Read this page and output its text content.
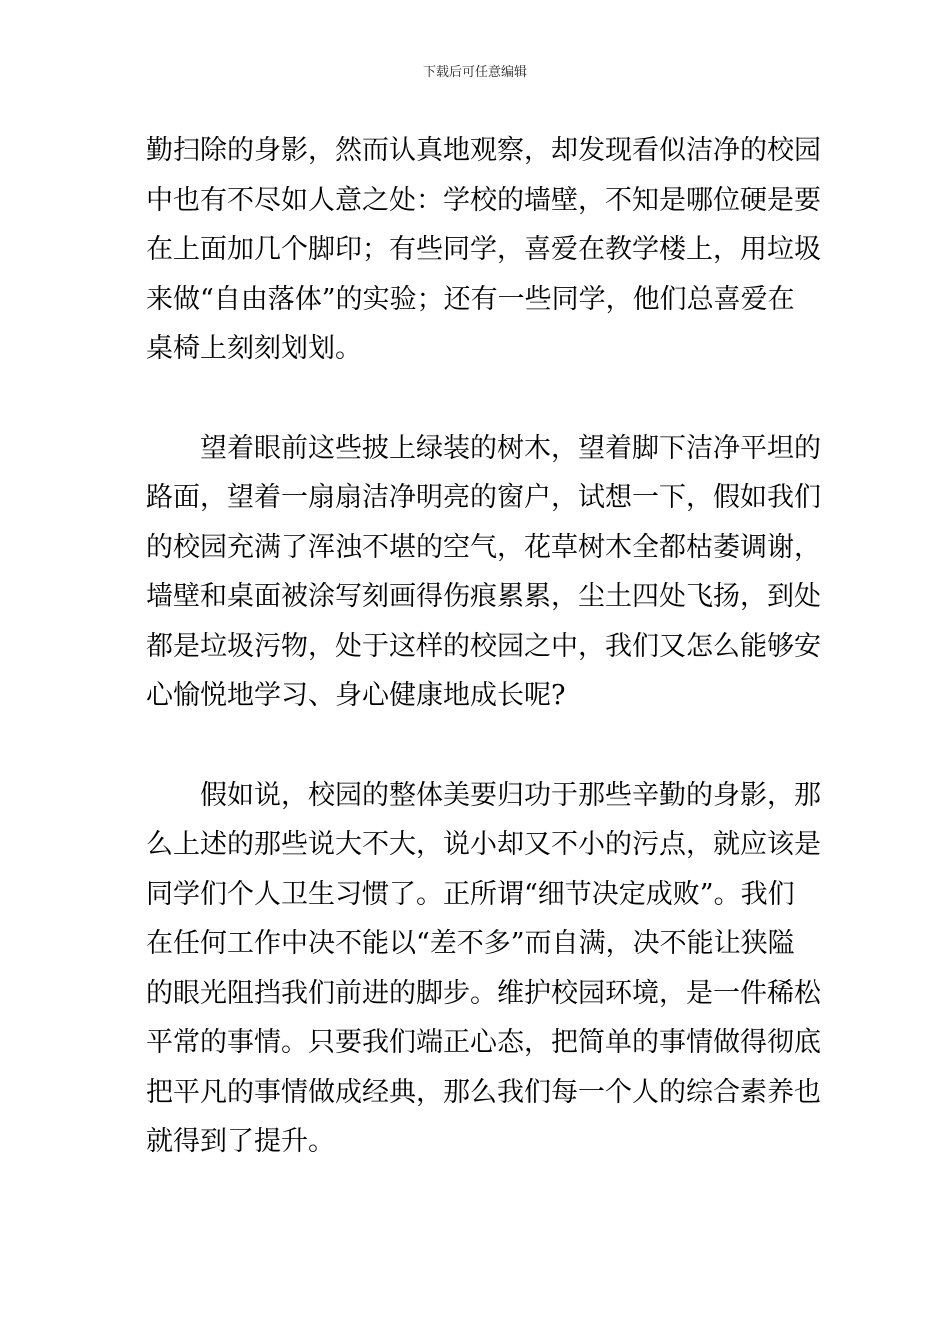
下载后可任意编辑

勤扫除的身影，然而认真地观察，却发现看似洁净的校园
中也有不尽如人意之处：学校的墙壁，不知是哪位硬是要
在上面加几个脚印；有些同学，喜爱在教学楼上，用垃圾
来做“自由落体”的实验；还有一些同学，他们总喜爱在
桌椅上刻刻划划。

　　望着眼前这些披上绿装的树木，望着脚下洁净平坦的
路面，望着一扇扇洁净明亮的窗户，试想一下，假如我们
的校园充满了浑浊不堪的空气，花草树木全都枯萎调谢，
墙壁和桌面被涂写刻画得伤痕累累，尘土四处飞扬，到处
都是垃圾污物，处于这样的校园之中，我们又怎么能够安
心愉悦地学习、身心健康地成长呢?

　　假如说，校园的整体美要归功于那些辛勤的身影，那
么上述的那些说大不大，说小却又不小的污点，就应该是
同学们个人卫生习惯了。正所谓“细节决定成败”。我们
在任何工作中决不能以“差不多”而自满，决不能让狭隘
的眼光阻挡我们前进的脚步。维护校园环境，是一件稀松
平常的事情。只要我们端正心态，把简单的事情做得彻底
把平凡的事情做成经典，那么我们每一个人的综合素养也
就得到了提升。
